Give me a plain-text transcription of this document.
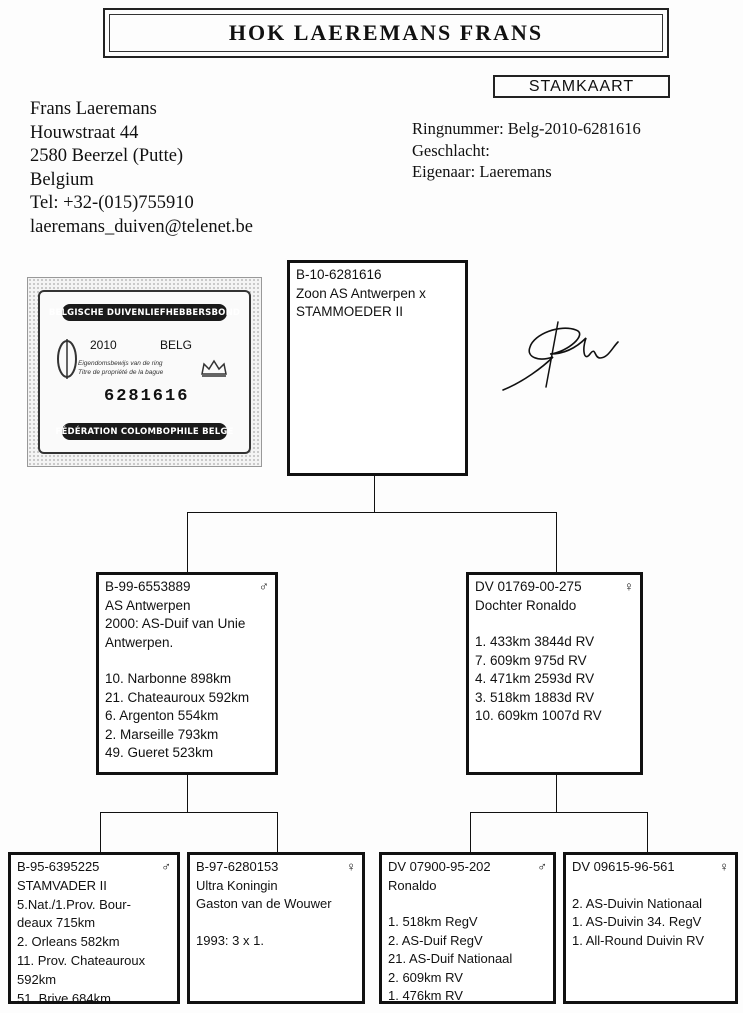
HOK LAEREMANS FRANS
STAMKAART
Frans Laeremans
Houwstraat 44
2580 Beerzel (Putte)
Belgium
Tel: +32-(015)755910
laeremans_duiven@telenet.be
Ringnummer: Belg-2010-6281616
Geschlacht:
Eigenaar: Laeremans
BELGISCHE DUIVENLIEFHEBBERSBOND
2010	BELG
Eigendomsbewijs van de ring
Titre de propriété de la bague
6281616
FÉDÉRATION COLOMBOPHILE BELGE
B-10-6281616
Zoon AS Antwerpen x
STAMMOEDER II
B-99-6553889	♂
AS Antwerpen
2000: AS-Duif van Unie
Antwerpen.
10. Narbonne 898km
21. Chateauroux 592km
6. Argenton 554km
2. Marseille 793km
49. Gueret 523km
DV 01769-00-275	♀
Dochter Ronaldo
1. 433km 3844d RV
7. 609km 975d RV
4. 471km 2593d RV
3. 518km 1883d RV
10. 609km 1007d RV
B-95-6395225	♂
STAMVADER II
5.Nat./1.Prov. Bour-
deaux 715km
2. Orleans 582km
11. Prov. Chateauroux
592km
51. Brive 684km
B-97-6280153	♀
Ultra Koningin
Gaston van de Wouwer
1993: 3 x 1.
DV 07900-95-202	♂
Ronaldo
1. 518km RegV
2. AS-Duif RegV
21. AS-Duif Nationaal
2. 609km RV
1. 476km RV
DV 09615-96-561	♀
2. AS-Duivin Nationaal
1. AS-Duivin 34. RegV
1. All-Round Duivin RV
